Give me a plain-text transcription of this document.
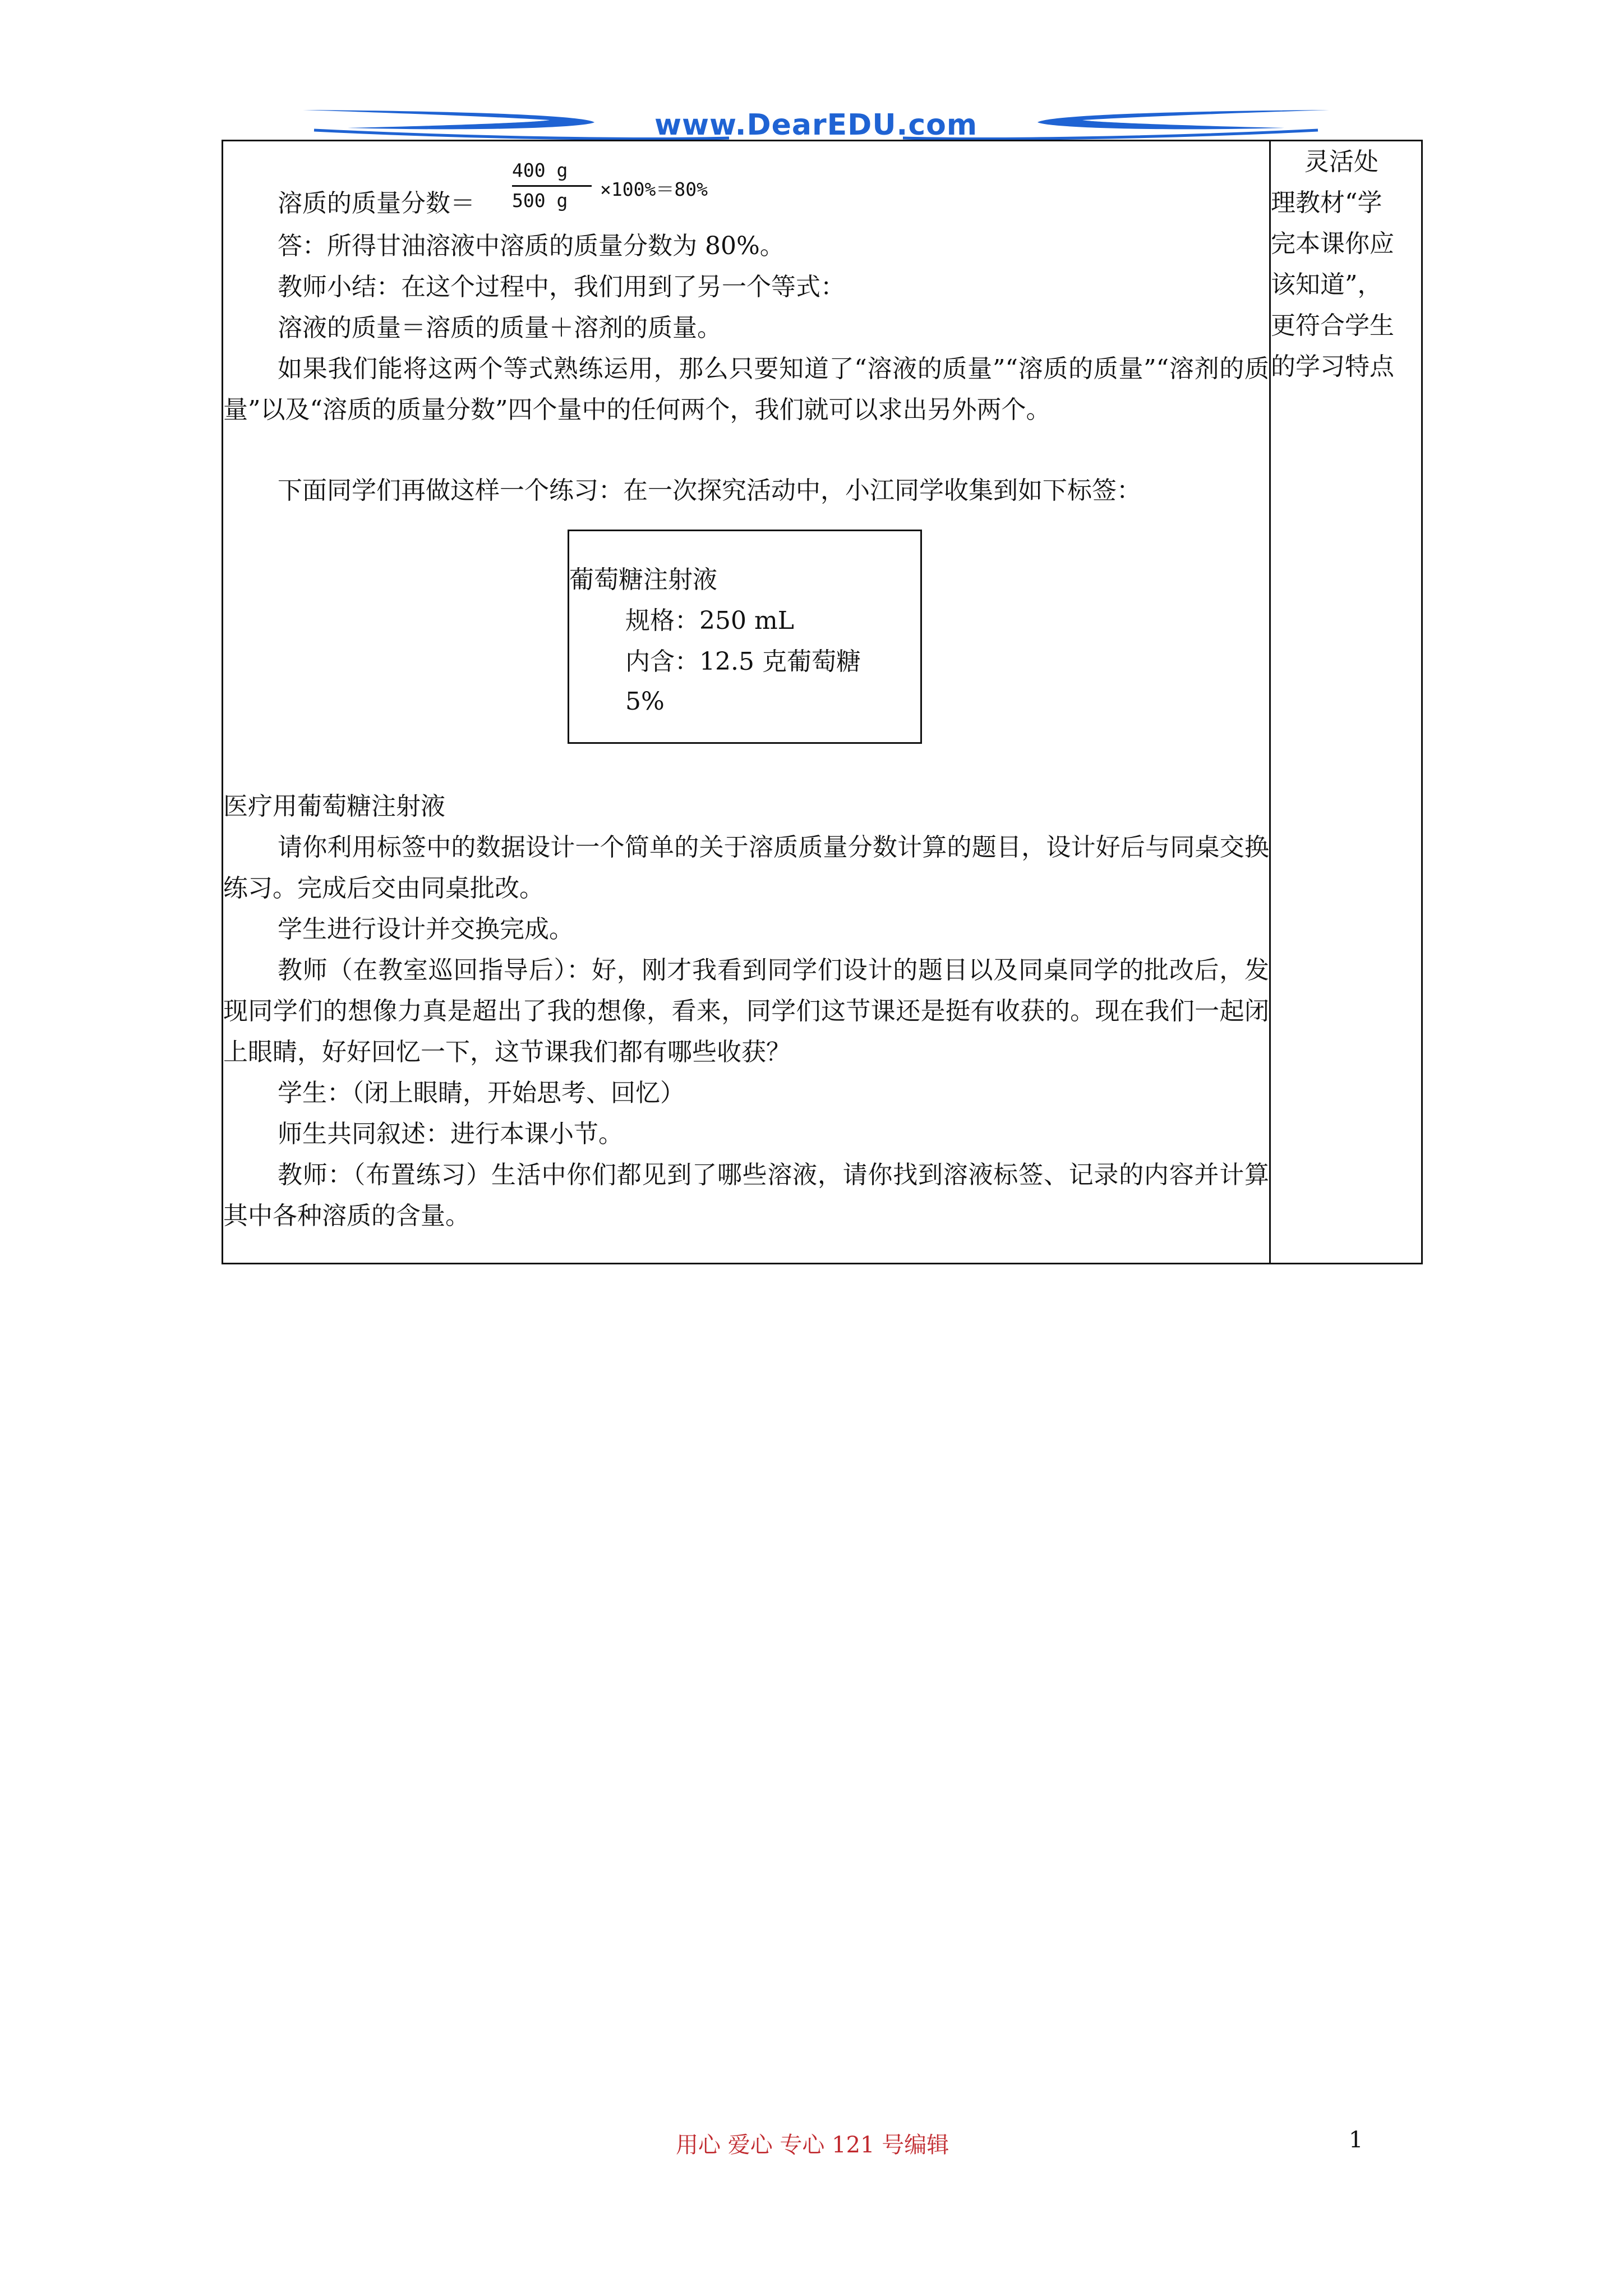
www.DearEDU.com
溶质的质量分数＝
400 g
500 g
×100%＝80%
答：所得甘油溶液中溶质的质量分数为 80%。
教师小结：在这个过程中，我们用到了另一个等式：
溶液的质量＝溶质的质量＋溶剂的质量。
如果我们能将这两个等式熟练运用，那么只要知道了“溶液的质量”“溶质的质量”“溶剂的质量”以及“溶质的质量分数”四个量中的任何两个，我们就可以求出另外两个。
下面同学们再做这样一个练习：在一次探究活动中，小江同学收集到如下标签：
葡萄糖注射液
规格：250 mL
内含：12.5 克葡萄糖
5%
医疗用葡萄糖注射液
请你利用标签中的数据设计一个简单的关于溶质质量分数计算的题目，设计好后与同桌交换练习。完成后交由同桌批改。
学生进行设计并交换完成。
教师（在教室巡回指导后）：好，刚才我看到同学们设计的题目以及同桌同学的批改后，发现同学们的想像力真是超出了我的想像，看来，同学们这节课还是挺有收获的。现在我们一起闭上眼睛，好好回忆一下，这节课我们都有哪些收获？
学生：（闭上眼睛，开始思考、回忆）
师生共同叙述：进行本课小节。
教师：（布置练习）生活中你们都见到了哪些溶液，请你找到溶液标签、记录的内容并计算其中各种溶质的含量。
灵活处
理教材“学
完本课你应
该知道”，
更符合学生
的学习特点
用心 爱心 专心 121 号编辑	1
